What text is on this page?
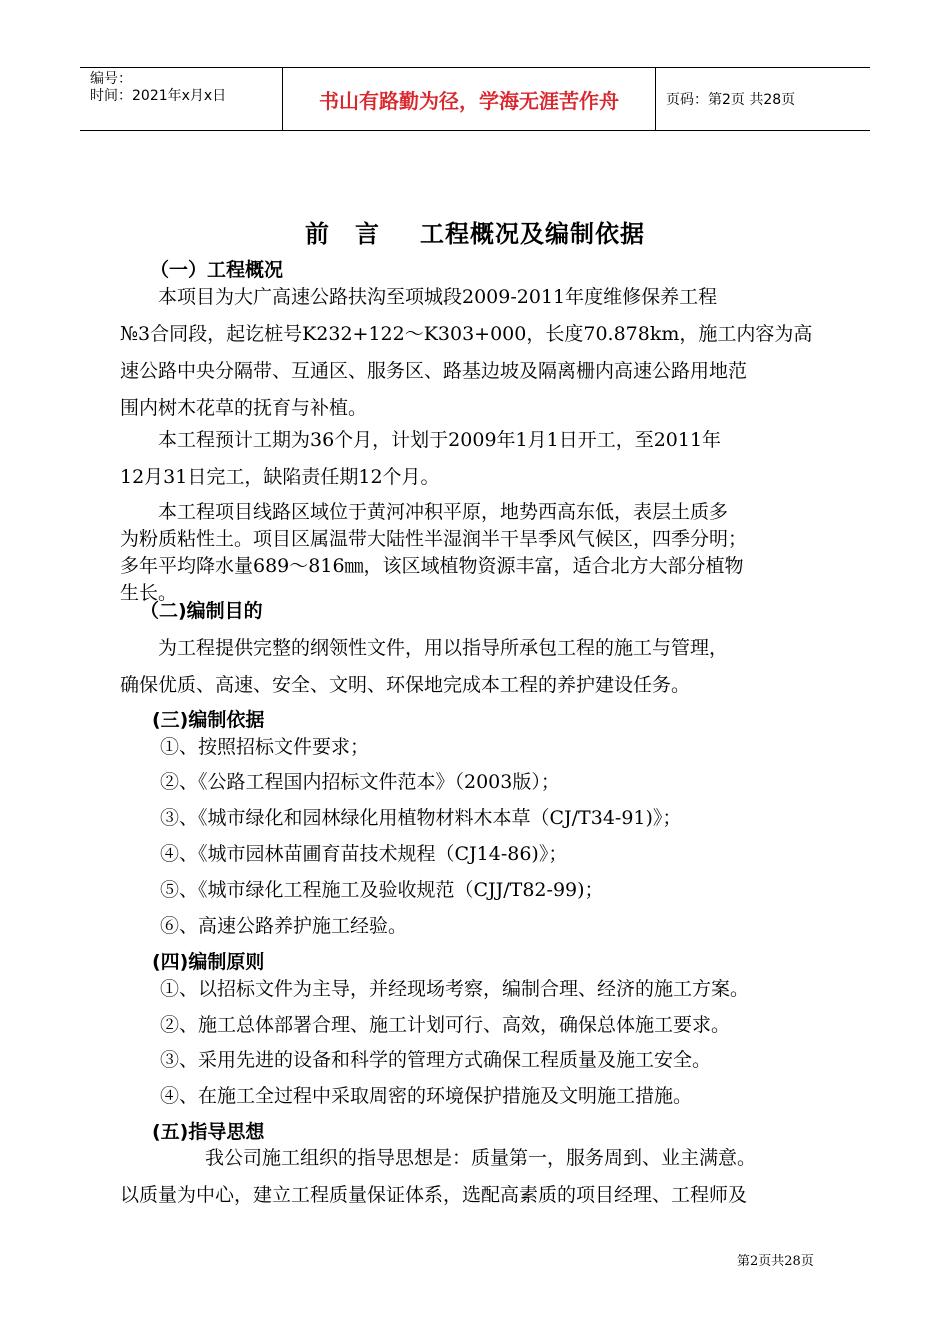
编号：
时间：2021年x月x日	书山有路勤为径，学海无涯苦作舟	页码：第2页 共28页
前　言 工程概况及编制依据
（一）工程概况
本项目为大广高速公路扶沟至项城段2009-2011年度维修保养工程
№3合同段，起讫桩号K232+122～K303+000，长度70.878km，施工内容为高
速公路中央分隔带、互通区、服务区、路基边坡及隔离栅内高速公路用地范
围内树木花草的抚育与补植。
本工程预计工期为36个月，计划于2009年1月1日开工，至2011年
12月31日完工，缺陷责任期12个月。
本工程项目线路区域位于黄河冲积平原，地势西高东低，表层土质多
为粉质粘性土。项目区属温带大陆性半湿润半干旱季风气候区，四季分明；
多年平均降水量689～816㎜，该区域植物资源丰富，适合北方大部分植物
生长。
（二)编制目的
为工程提供完整的纲领性文件，用以指导所承包工程的施工与管理，
确保优质、高速、安全、文明、环保地完成本工程的养护建设任务。
(三)编制依据
①、按照招标文件要求；
②、《公路工程国内招标文件范本》（2003版）；
③、《城市绿化和园林绿化用植物材料木本草（CJ/T34-91)》；
④、《城市园林苗圃育苗技术规程（CJ14-86)》；
⑤、《城市绿化工程施工及验收规范（CJJ/T82-99)；
⑥、高速公路养护施工经验。
(四)编制原则
①、以招标文件为主导，并经现场考察，编制合理、经济的施工方案。
②、施工总体部署合理、施工计划可行、高效，确保总体施工要求。
③、采用先进的设备和科学的管理方式确保工程质量及施工安全。
④、在施工全过程中采取周密的环境保护措施及文明施工措施。
(五)指导思想
我公司施工组织的指导思想是：质量第一，服务周到、业主满意。
以质量为中心，建立工程质量保证体系，选配高素质的项目经理、工程师及
第2页共28页
